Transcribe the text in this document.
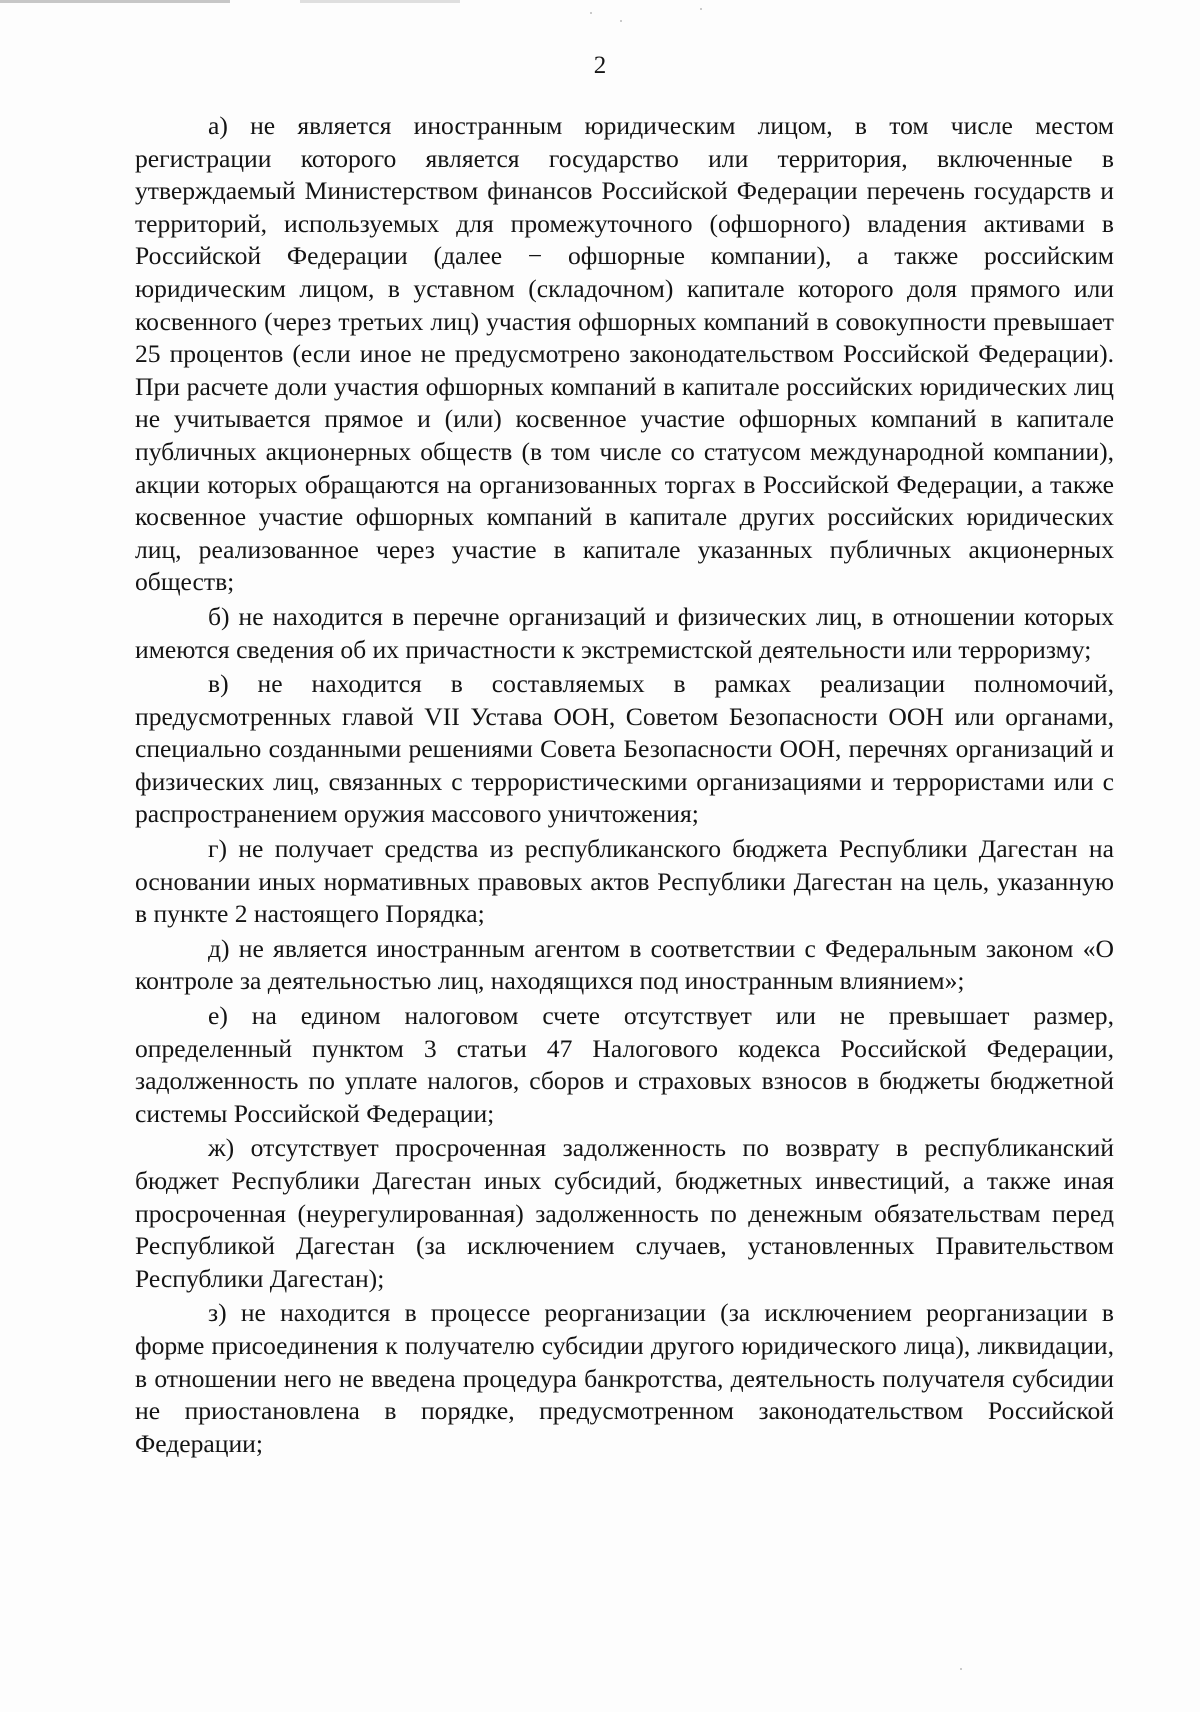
2

а) не является иностранным юридическим лицом, в том числе местом регистрации которого является государство или территория, включенные в утверждаемый Министерством финансов Российской Федерации перечень государств и территорий, используемых для промежуточного (офшорного) владения активами в Российской Федерации (далее − офшорные компании), а также российским юридическим лицом, в уставном (складочном) капитале которого доля прямого или косвенного (через третьих лиц) участия офшорных компаний в совокупности превышает 25 процентов (если иное не предусмотрено законодательством Российской Федерации). При расчете доли участия офшорных компаний в капитале российских юридических лиц не учитывается прямое и (или) косвенное участие офшорных компаний в капитале публичных акционерных обществ (в том числе со статусом международной компании), акции которых обращаются на организованных торгах в Российской Федерации, а также косвенное участие офшорных компаний в капитале других российских юридических лиц, реализованное через участие в капитале указанных публичных акционерных обществ;

б) не находится в перечне организаций и физических лиц, в отношении которых имеются сведения об их причастности к экстремистской деятельности или терроризму;

в) не находится в составляемых в рамках реализации полномочий, предусмотренных главой VII Устава ООН, Советом Безопасности ООН или органами, специально созданными решениями Совета Безопасности ООН, перечнях организаций и физических лиц, связанных с террористическими организациями и террористами или с распространением оружия массового уничтожения;

г) не получает средства из республиканского бюджета Республики Дагестан на основании иных нормативных правовых актов Республики Дагестан на цель, указанную в пункте 2 настоящего Порядка;

д) не является иностранным агентом в соответствии с Федеральным законом «О контроле за деятельностью лиц, находящихся под иностранным влиянием»;

е) на едином налоговом счете отсутствует или не превышает размер, определенный пунктом 3 статьи 47 Налогового кодекса Российской Федерации, задолженность по уплате налогов, сборов и страховых взносов в бюджеты бюджетной системы Российской Федерации;

ж) отсутствует просроченная задолженность по возврату в республиканский бюджет Республики Дагестан иных субсидий, бюджетных инвестиций, а также иная просроченная (неурегулированная) задолженность по денежным обязательствам перед Республикой Дагестан (за исключением случаев, установленных Правительством Республики Дагестан);

з) не находится в процессе реорганизации (за исключением реорганизации в форме присоединения к получателю субсидии другого юридического лица), ликвидации, в отношении него не введена процедура банкротства, деятельность получателя субсидии не приостановлена в порядке, предусмотренном законодательством Российской Федерации;
